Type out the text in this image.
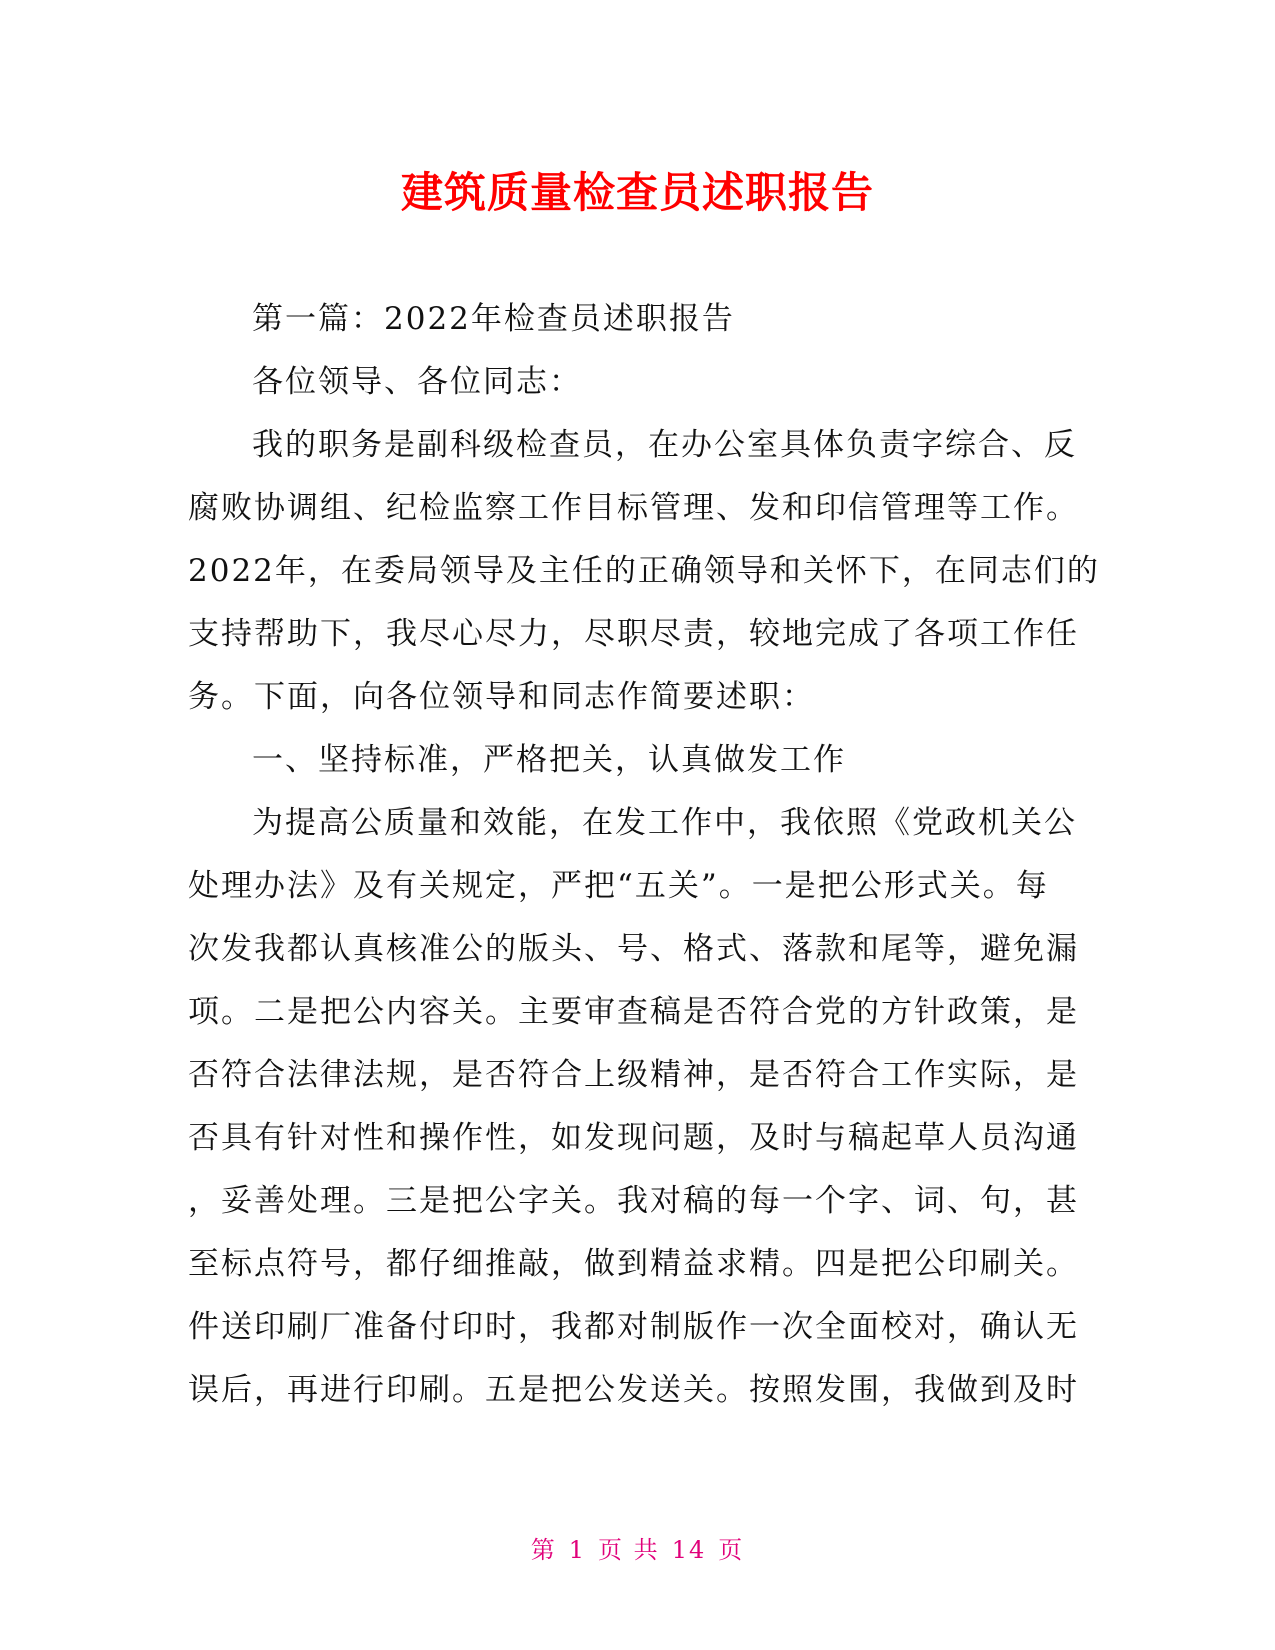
建筑质量检查员述职报告
第一篇：2022年检查员述职报告
各位领导、各位同志：
我的职务是副科级检查员，在办公室具体负责字综合、反
腐败协调组、纪检监察工作目标管理、发和印信管理等工作。
2022年，在委局领导及主任的正确领导和关怀下，在同志们的
支持帮助下，我尽心尽力，尽职尽责，较地完成了各项工作任
务。下面，向各位领导和同志作简要述职：
一、坚持标准，严格把关，认真做发工作
为提高公质量和效能，在发工作中，我依照《党政机关公
处理办法》及有关规定，严把“五关”。一是把公形式关。每
次发我都认真核准公的版头、号、格式、落款和尾等，避免漏
项。二是把公内容关。主要审查稿是否符合党的方针政策，是
否符合法律法规，是否符合上级精神，是否符合工作实际，是
否具有针对性和操作性，如发现问题，及时与稿起草人员沟通
，妥善处理。三是把公字关。我对稿的每一个字、词、句，甚
至标点符号，都仔细推敲，做到精益求精。四是把公印刷关。
件送印刷厂准备付印时，我都对制版作一次全面校对，确认无
误后，再进行印刷。五是把公发送关。按照发围，我做到及时
第 1 页 共 14 页
